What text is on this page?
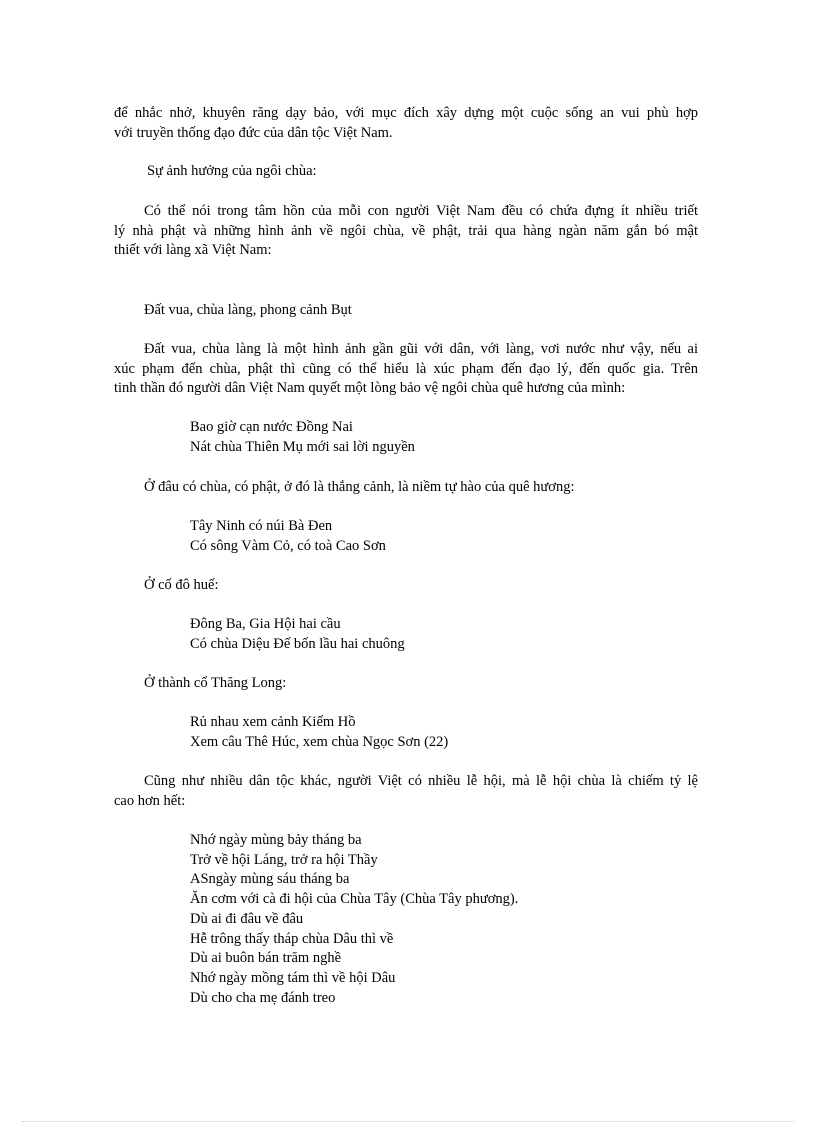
để nhắc nhở, khuyên răng dạy bảo, với mục đích xây dựng một cuộc sống an vui phù hợp
với truyền thống đạo đức của dân tộc Việt Nam.
Sự ảnh hưởng của ngôi chùa:
Có thể nói trong tâm hồn của mỗi con người Việt Nam đều có chứa đựng ít nhiều triết
lý nhà phật và những hình ảnh về ngôi chùa, về phật, trải qua hàng ngàn năm gắn bó mật
thiết với làng xã Việt Nam:
Đất vua, chùa làng, phong cảnh Bụt
Đất vua, chùa làng là một hình ảnh gần gũi với dân, với làng, vơi nước như vậy, nếu ai
xúc phạm đến chùa, phật thì cũng có thể hiểu là xúc phạm đến đạo lý, đến quốc gia. Trên
tinh thần đó người dân Việt Nam quyết một lòng bảo vệ ngôi chùa quê hương của mình:
Bao giờ cạn nước Đồng Nai
Nát chùa Thiên Mụ mới sai lời nguyền
Ở đâu có chùa, có phật, ở đó là thắng cảnh, là niềm tự hào của quê hương:
Tây Ninh có núi Bà Đen
Có sông Vàm Cỏ, có toà Cao Sơn
Ở cố đô huế:
Đông Ba, Gia Hội hai cầu
Có chùa Diệu Đế bốn lầu hai chuông
Ở thành cổ Thăng Long:
Rủ nhau xem cảnh Kiếm Hồ
Xem câu Thê Húc, xem chùa Ngọc Sơn (22)
Cũng như nhiều dân tộc khác, người Việt có nhiều lễ hội, mà lễ hội chùa là chiếm tỷ lệ
cao hơn hết:
Nhớ ngày mùng bảy tháng ba
Trở về hội Láng, trở ra hội Thầy
ASngày mùng sáu tháng ba
Ăn cơm với cà đi hội của Chùa Tây (Chùa Tây phương).
Dù ai đi đâu về đâu
Hễ trông thấy tháp chùa Dâu thì về
Dù ai buôn bán trăm nghề
Nhớ ngày mồng tám thì về hội Dâu
Dù cho cha mẹ đánh treo
